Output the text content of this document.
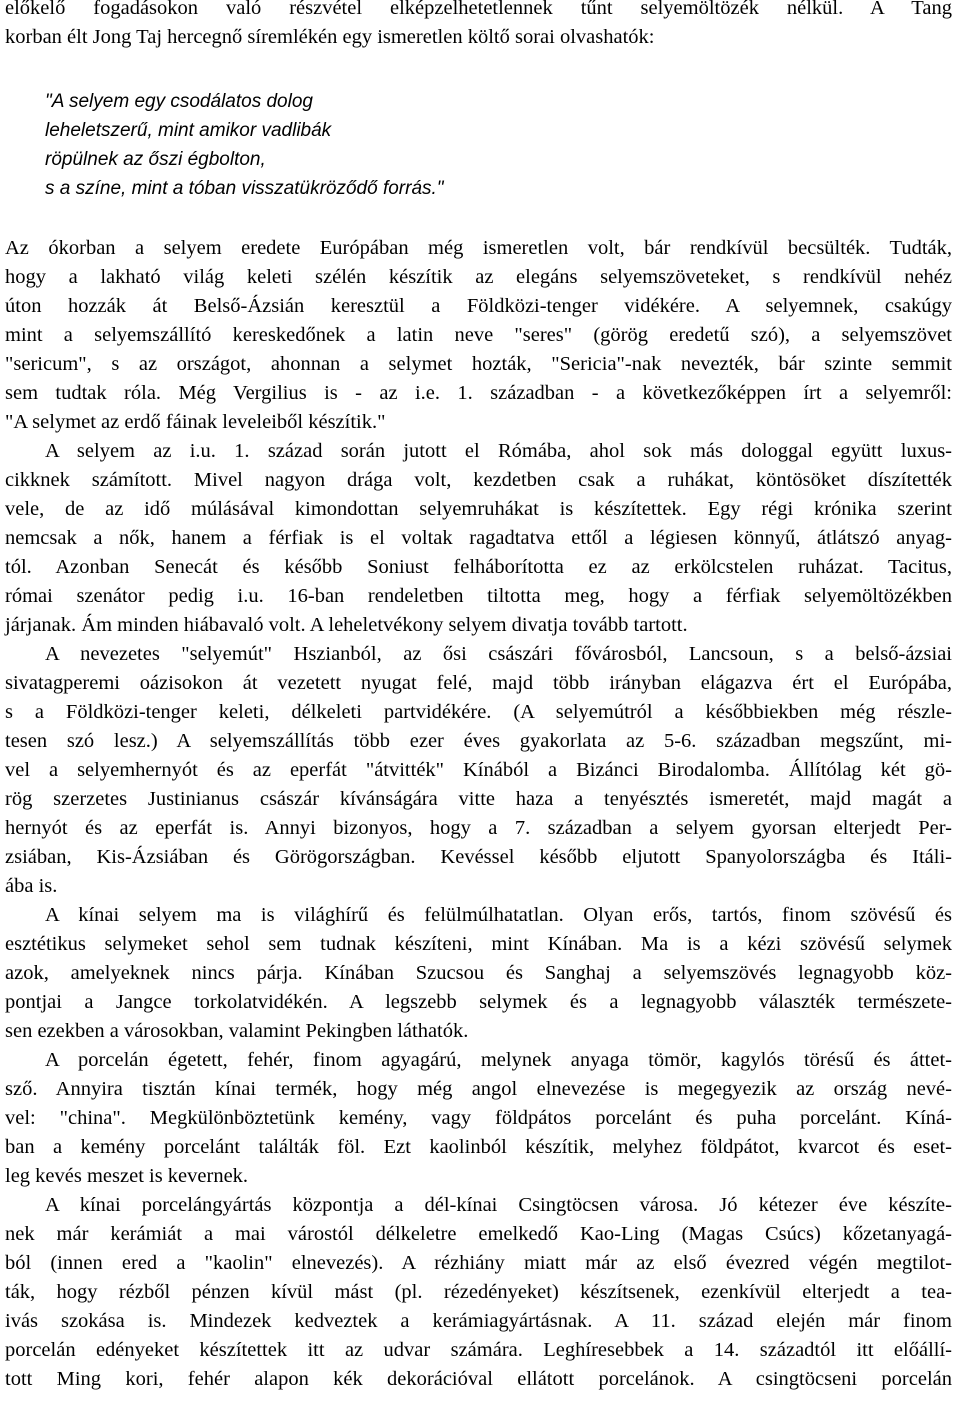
előkelő fogadásokon való részvétel elképzelhetetlennek tűnt selyemöltözék nélkül. A Tang
korban élt Jong Taj hercegnő síremlékén egy ismeretlen költő sorai olvashatók:
"A selyem egy csodálatos dolog
leheletszerű, mint amikor vadlibák
röpülnek az őszi égbolton,
s a színe, mint a tóban visszatükröződő forrás."
Az ókorban a selyem eredete Európában még ismeretlen volt, bár rendkívül becsülték. Tudták,
hogy a lakható világ keleti szélén készítik az elegáns selyemszöveteket, s rendkívül nehéz
úton hozzák át Belső-Ázsián keresztül a Földközi-tenger vidékére. A selyemnek, csakúgy
mint a selyemszállító kereskedőnek a latin neve "seres" (görög eredetű szó), a selyemszövet
"sericum", s az országot, ahonnan a selymet hozták, "Sericia"-nak nevezték, bár szinte semmit
sem tudtak róla. Még Vergilius is - az i.e. 1. században - a következőképpen írt a selyemről:
"A selymet az erdő fáinak leveleiből készítik."
A selyem az i.u. 1. század során jutott el Rómába, ahol sok más dologgal együtt luxus-
cikknek számított. Mivel nagyon drága volt, kezdetben csak a ruhákat, köntösöket díszítették
vele, de az idő múlásával kimondottan selyemruhákat is készítettek. Egy régi krónika szerint
nemcsak a nők, hanem a férfiak is el voltak ragadtatva ettől a légiesen könnyű, átlátszó anyag-
tól. Azonban Senecát és később Soniust felháborította ez az erkölcstelen ruházat. Tacitus,
római szenátor pedig i.u. 16-ban rendeletben tiltotta meg, hogy a férfiak selyemöltözékben
járjanak. Ám minden hiábavaló volt. A leheletvékony selyem divatja tovább tartott.
A nevezetes "selyemút" Hszianból, az ősi császári fővárosból, Lancsoun, s a belső-ázsiai
sivatagperemi oázisokon át vezetett nyugat felé, majd több irányban elágazva ért el Európába,
s a Földközi-tenger keleti, délkeleti partvidékére. (A selyemútról a későbbiekben még részle-
tesen szó lesz.) A selyemszállítás több ezer éves gyakorlata az 5-6. században megszűnt, mi-
vel a selyemhernyót és az eperfát "átvitték" Kínából a Bizánci Birodalomba. Állítólag két gö-
rög szerzetes Justinianus császár kívánságára vitte haza a tenyésztés ismeretét, majd magát a
hernyót és az eperfát is. Annyi bizonyos, hogy a 7. században a selyem gyorsan elterjedt Per-
zsiában, Kis-Ázsiában és Görögországban. Kevéssel később eljutott Spanyolországba és Itáli-
ába is.
A kínai selyem ma is világhírű és felülmúlhatatlan. Olyan erős, tartós, finom szövésű és
esztétikus selymeket sehol sem tudnak készíteni, mint Kínában. Ma is a kézi szövésű selymek
azok, amelyeknek nincs párja. Kínában Szucsou és Sanghaj a selyemszövés legnagyobb köz-
pontjai a Jangce torkolatvidékén. A legszebb selymek és a legnagyobb választék természete-
sen ezekben a városokban, valamint Pekingben láthatók.
A porcelán égetett, fehér, finom agyagárú, melynek anyaga tömör, kagylós törésű és áttet-
sző. Annyira tisztán kínai termék, hogy még angol elnevezése is megegyezik az ország nevé-
vel: "china". Megkülönböztetünk kemény, vagy földpátos porcelánt és puha porcelánt. Kíná-
ban a kemény porcelánt találták föl. Ezt kaolinból készítik, melyhez földpátot, kvarcot és eset-
leg kevés meszet is kevernek.
A kínai porcelángyártás központja a dél-kínai Csingtöcsen városa. Jó kétezer éve készíte-
nek már kerámiát a mai várostól délkeletre emelkedő Kao-Ling (Magas Csúcs) kőzetanyagá-
ból (innen ered a "kaolin" elnevezés). A rézhiány miatt már az első évezred végén megtilot-
ták, hogy rézből pénzen kívül mást (pl. rézedényeket) készítsenek, ezenkívül elterjedt a tea-
ivás szokása is. Mindezek kedveztek a kerámiagyártásnak. A 11. század elején már finom
porcelán edényeket készítettek itt az udvar számára. Leghíresebbek a 14. századtól itt előállí-
tott Ming kori, fehér alapon kék dekorációval ellátott porcelánok. A csingtöcseni porcelán
